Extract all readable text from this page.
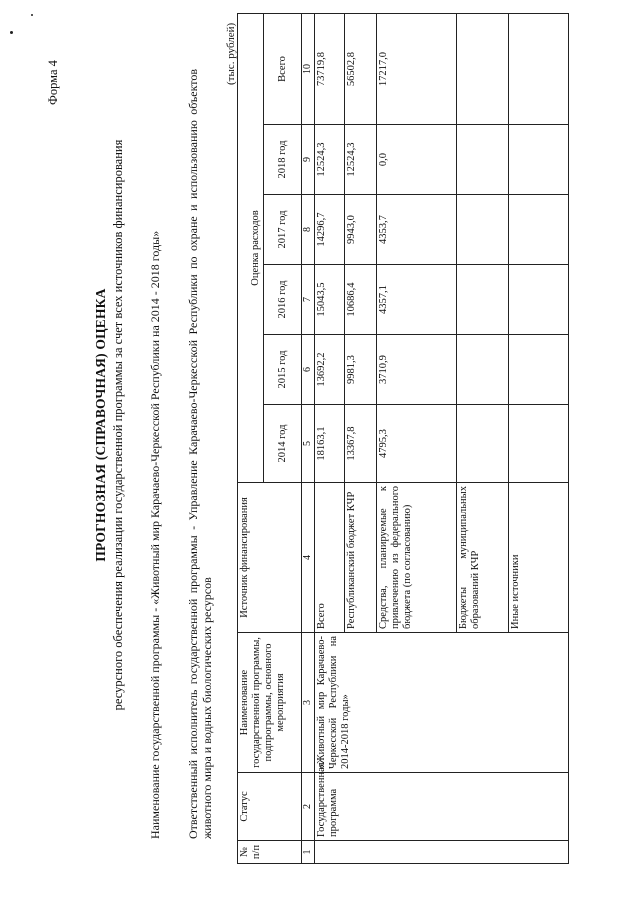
Форма 4
ПРОГНОЗНАЯ (СПРАВОЧНАЯ) ОЦЕНКА ресурсного обеспечения реализации государственной программы за счет всех источников финансирования Наименование государственной программы - «Животный мир Карачаево-Черкесской Республики на 2014 - 2018 годы» Ответственный исполнитель государственной программы - Управление Карачаево-Черкесской Республики по охране и использованию объектов животного мира и водных биологических ресурсов
(тыс. рублей)
№ п/п	Статус	Наименование государственной программы, подпрограммы, основного мероприятия	Источник финансирования	Оценка расходов					
				2014 год	2015 год	2016 год	2017 год	2018 год	Всего
1	2	3	4	5	6	7	8	9	10
	Государственная программа	«Животный мир Карачаево-Черкесской Республики на 2014-2018 годы»	Всего	18163,1	13692,2	15043,5	14296,7	12524,3	73719,8
			Республиканский бюджет КЧР	13367,8	9981,3	10686,4	9943,0	12524,3	56502,8
			Средства, планируемые к привлечению из федерального бюджета (по согласованию)	4795,3	3710,9	4357,1	4353,7	0,0	17217,0
			Бюджеты муниципальных образований КЧР						
			Иные источники						
